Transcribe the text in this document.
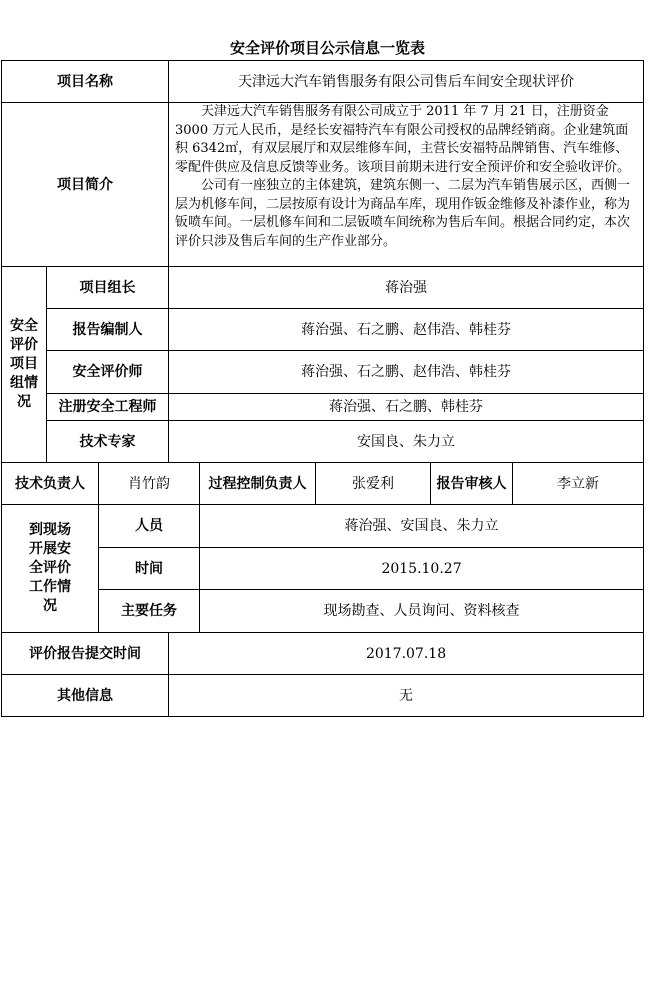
安全评价项目公示信息一览表
项目名称			天津远大汽车销售服务有限公司售后车间安全现状评价				
项目简介			天津远大汽车销售服务有限公司成立于 2011 年 7 月 21 日，注册资金 3000 万元人民币，是经长安福特汽车有限公司授权的品牌经销商。企业建筑面积 6342㎡，有双层展厅和双层维修车间，主营长安福特品牌销售、汽车维修、零配件供应及信息反馈等业务。该项目前期未进行安全预评价和安全验收评价。

公司有一座独立的主体建筑，建筑东侧一、二层为汽车销售展示区，西侧一层为机修车间，二层按原有设计为商品车库，现用作钣金维修及补漆作业，称为钣喷车间。一层机修车间和二层钣喷车间统称为售后车间。根据合同约定，本次评价只涉及售后车间的生产作业部分。				

安全评价项目组情况	项目组长		蒋治强				
	报告编制人		蒋治强、石之鹏、赵伟浩、韩桂芬				
	安全评价师		蒋治强、石之鹏、赵伟浩、韩桂芬				
	注册安全工程师		蒋治强、石之鹏、韩桂芬				
	技术专家		安国良、朱力立				
技术负责人		肖竹韵		过程控制负责人	张爱利	报告审核人	李立新

到现场开展安全评价工作情况		人员		蒋治强、安国良、朱力立			
		时间		2015.10.27			
		主要任务		现场勘查、人员询问、资料核查			
评价报告提交时间			2017.07.18				
其他信息			无				
